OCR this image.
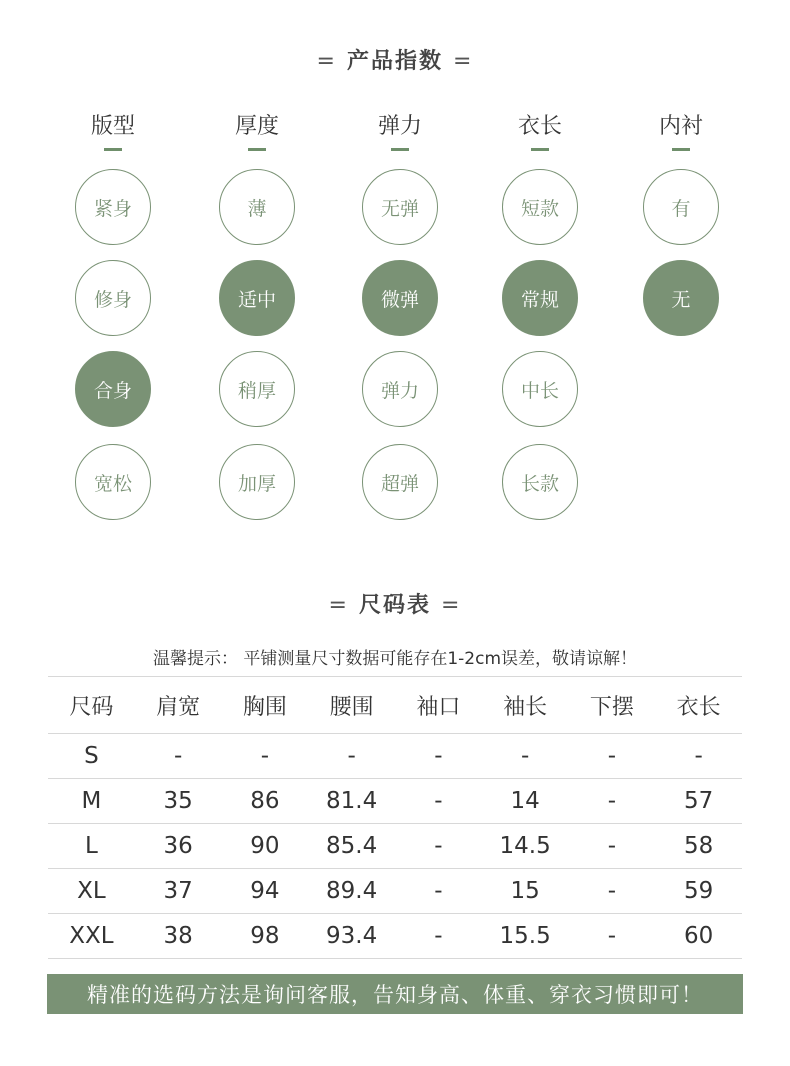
= 产品指数 =
版型
紧身
修身
合身
宽松
厚度
薄
适中
稍厚
加厚
弹力
无弹
微弹
弹力
超弹
衣长
短款
常规
中长
长款
内衬
有
无
= 尺码表 =
温馨提示： 平铺测量尺寸数据可能存在1-2cm误差，敬请谅解！
尺码	肩宽	胸围	腰围	袖口	袖长	下摆	衣长
S	-	-	-	-	-	-	-
M	35	86	81.4	-	14	-	57
L	36	90	85.4	-	14.5	-	58
XL	37	94	89.4	-	15	-	59
XXL	38	98	93.4	-	15.5	-	60
精准的选码方法是询问客服，告知身高、体重、穿衣习惯即可！
